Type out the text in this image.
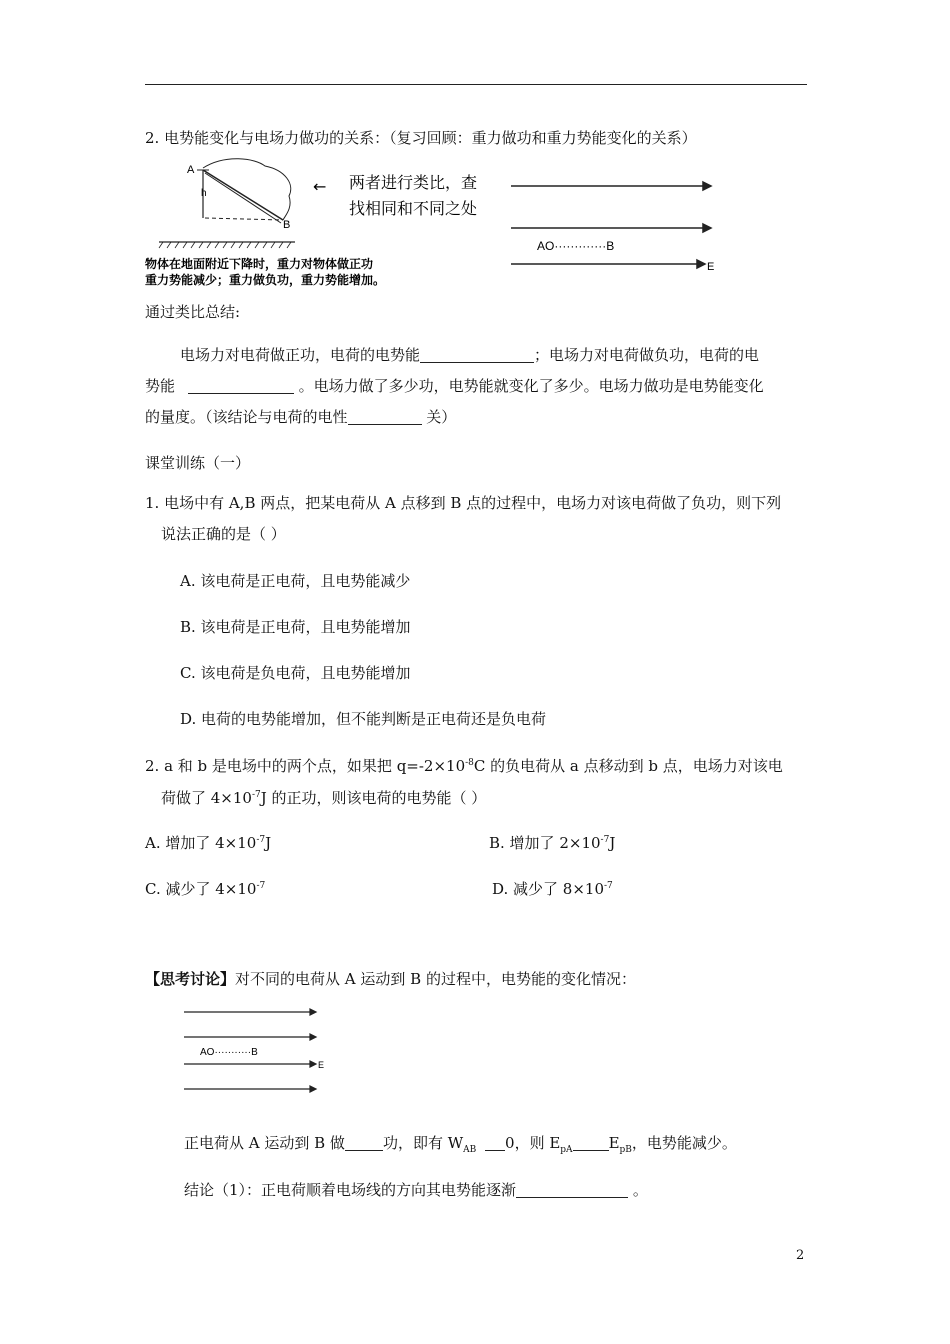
2. 电势能变化与电场力做功的关系：（复习回顾：重力做功和重力势能变化的关系）
A
h
B
物体在地面附近下降时，重力对物体做正功
重力势能减少；重力做负功，重力势能增加。
← 两者进行类比，查
找相同和不同之处
AO·············B
E
通过类比总结:
电场力对电荷做正功，电荷的电势能	；电场力对电荷做负功，电荷的电
势能	。电场力做了多少功，电势能就变化了多少。电场力做功是电势能变化
的量度。（该结论与电荷的电性	关）
课堂训练（一）
1. 电场中有 A,B 两点，把某电荷从 A 点移到 B 点的过程中，电场力对该电荷做了负功，则下列
说法正确的是（ ）
A. 该电荷是正电荷，且电势能减少
B. 该电荷是正电荷，且电势能增加
C. 该电荷是负电荷，且电势能增加
D. 电荷的电势能增加，但不能判断是正电荷还是负电荷
2. a 和 b 是电场中的两个点，如果把 $q=-2\times 10^{-8}C$ 的负电荷从 a 点移动到 b 点，电场力对该电
荷做了 $4\times 10^{-7}J$ 的正功，则该电荷的电势能（ ）
A. 增加了 $4\times 10^{-7}J$	B. 增加了 $2\times 10^{-7}J$
C. 减少了 $4\times 10^{-7}$	D. 减少了 $8\times 10^{-7}$
【思考讨论】对不同的电荷从 A 运动到 B 的过程中，电势能的变化情况：
AO···········B
E
正电荷从 A 运动到 B 做	功，即有 $W_{AB}$ 0，则 $E_{pA}$ $E_{pB}$，电势能减少。
结论（1）：正电荷顺着电场线的方向其电势能逐渐	。
2
